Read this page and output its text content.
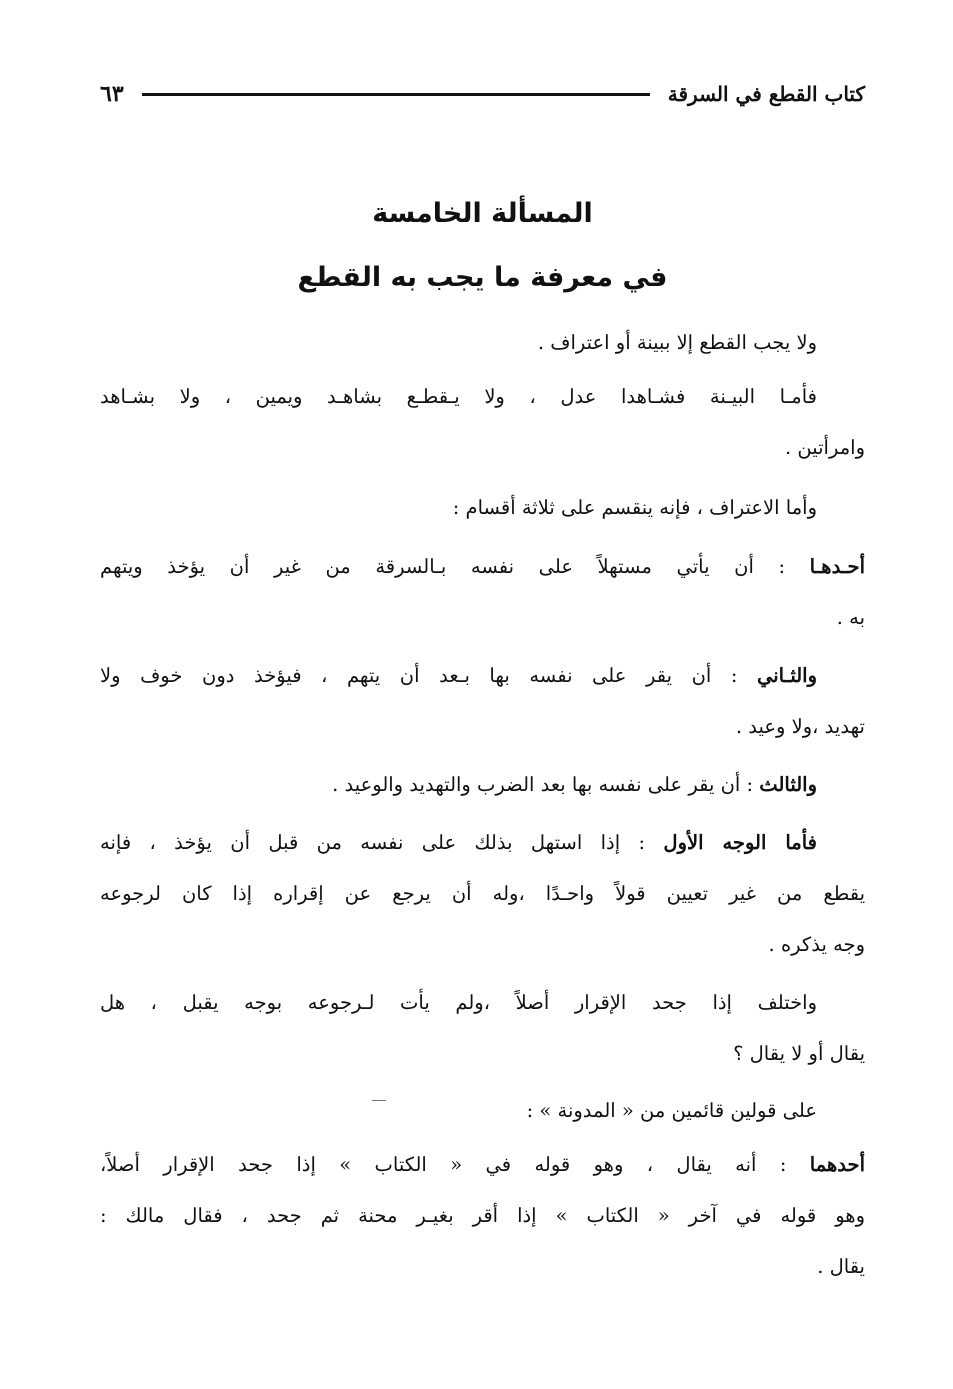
كتاب القطع في السرقة
٦٣
المسألة الخامسة
في معرفة ما يجب به القطع
ولا يجب القطع إلا ببينة أو اعتراف .
فأمـا البيـنة فشـاهدا عدل ، ولا يـقطـع بشاهـد ويمين ، ولا بشـاهد
وامرأتين .
وأما الاعتراف ، فإنه ينقسم على ثلاثة أقسام :
أحـدهـا : أن يأتي مستهلاً على نفسه بـالسرقة من غير أن يؤخذ ويتهم
به .
والثـاني : أن يقر على نفسه بها بـعد أن يتهم ، فيؤخذ دون خوف ولا
تهديد ،ولا وعيد .
والثالث : أن يقر على نفسه بها بعد الضرب والتهديد والوعيد .
فأما الوجه الأول : إذا استهل بذلك على نفسه من قبل أن يؤخذ ، فإنه
يقطع من غير تعيين قولاً واحـدًا ،وله أن يرجع عن إقراره إذا كان لرجوعه
وجه يذكره .
واختلف إذا جحد الإقرار أصلاً ،ولم يأت لـرجوعه بوجه يقبل ، هل
يقال أو لا يقال ؟
على قولين قائمين من « المدونة » :
أحدهما : أنه يقال ، وهو قوله في « الكتاب » إذا جحد الإقرار أصلاً،
وهو قوله في آخر « الكتاب » إذا أقر بغيـر محنة ثم جحد ، فقال مالك :
يقال .
